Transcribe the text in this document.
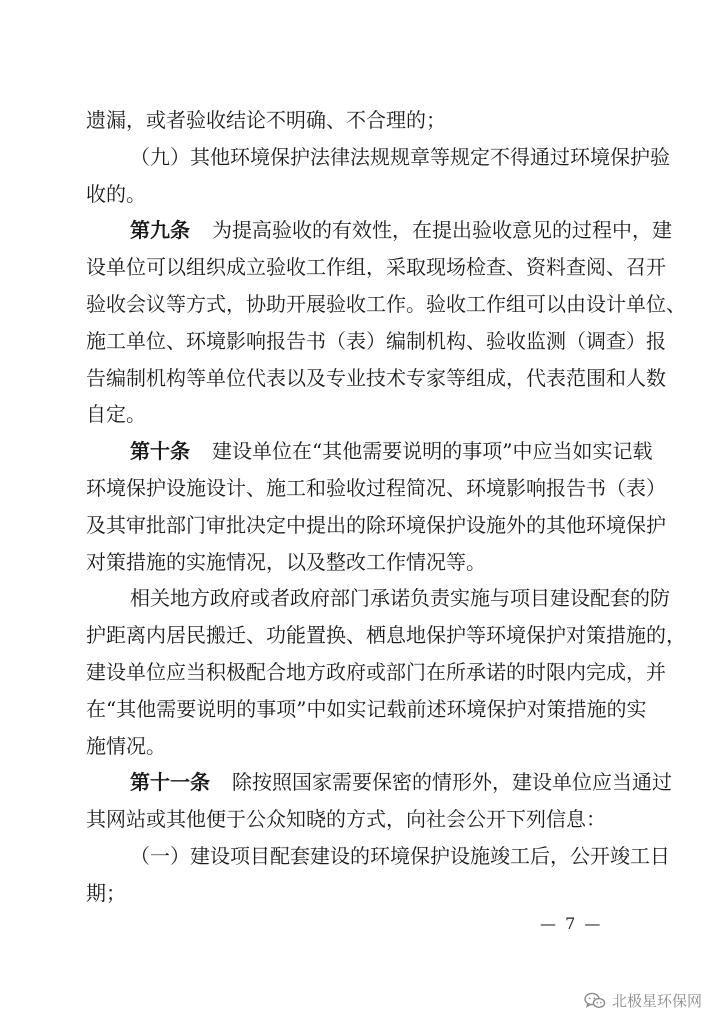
遗漏，或者验收结论不明确、不合理的；
（九）其他环境保护法律法规规章等规定不得通过环境保护验
收的。
第九条 为提高验收的有效性，在提出验收意见的过程中，建
设单位可以组织成立验收工作组，采取现场检查、资料查阅、召开
验收会议等方式，协助开展验收工作。验收工作组可以由设计单位、
施工单位、环境影响报告书（表）编制机构、验收监测（调查）报
告编制机构等单位代表以及专业技术专家等组成，代表范围和人数
自定。
第十条 建设单位在“其他需要说明的事项”中应当如实记载
环境保护设施设计、施工和验收过程简况、环境影响报告书（表）
及其审批部门审批决定中提出的除环境保护设施外的其他环境保护
对策措施的实施情况，以及整改工作情况等。
相关地方政府或者政府部门承诺负责实施与项目建设配套的防
护距离内居民搬迁、功能置换、栖息地保护等环境保护对策措施的，
建设单位应当积极配合地方政府或部门在所承诺的时限内完成，并
在“其他需要说明的事项”中如实记载前述环境保护对策措施的实
施情况。
第十一条 除按照国家需要保密的情形外，建设单位应当通过
其网站或其他便于公众知晓的方式，向社会公开下列信息：
（一）建设项目配套建设的环境保护设施竣工后，公开竣工日
期；
— 7 —
北极星环保网
